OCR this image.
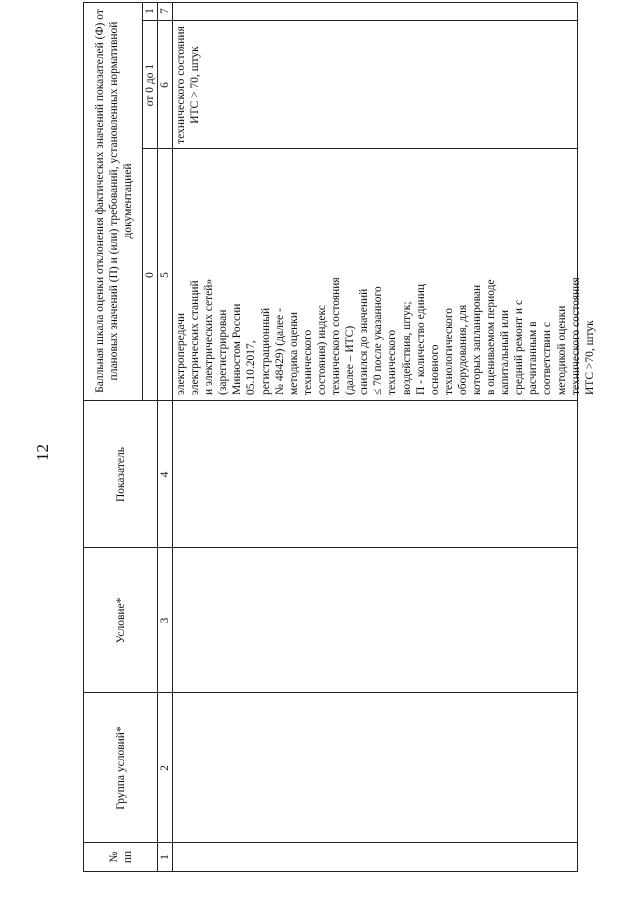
12
№
пп
Группа условий*
Условие*
Показатель
Балльная шкала оценки отклонения фактических значений показателей (Ф) от плановых значений (П) и (или) требований, установленных нормативной документацией
0
от 0 до 1
1
1
2
3
4
5
6
7
электропередачи
электрических станций
и электрических сетей»
(зарегистрирован
Минюстом России
05.10.2017,
регистрационный
№ 48429) (далее -
методика оценки
технического
состояния) индекс
технического состояния
(далее – ИТС)
снизился до значений
≤ 70 после указанного
технического
воздействия, штук;
П - количество единиц
основного
технологического
оборудования, для
которых запланирован
в оцениваемом периоде
капитальный или
средний ремонт и с
расчитанным в
соответствии с
методикой оценки
технического состояния
ИТС >70, штук
технического состояния
ИТС > 70, штук
